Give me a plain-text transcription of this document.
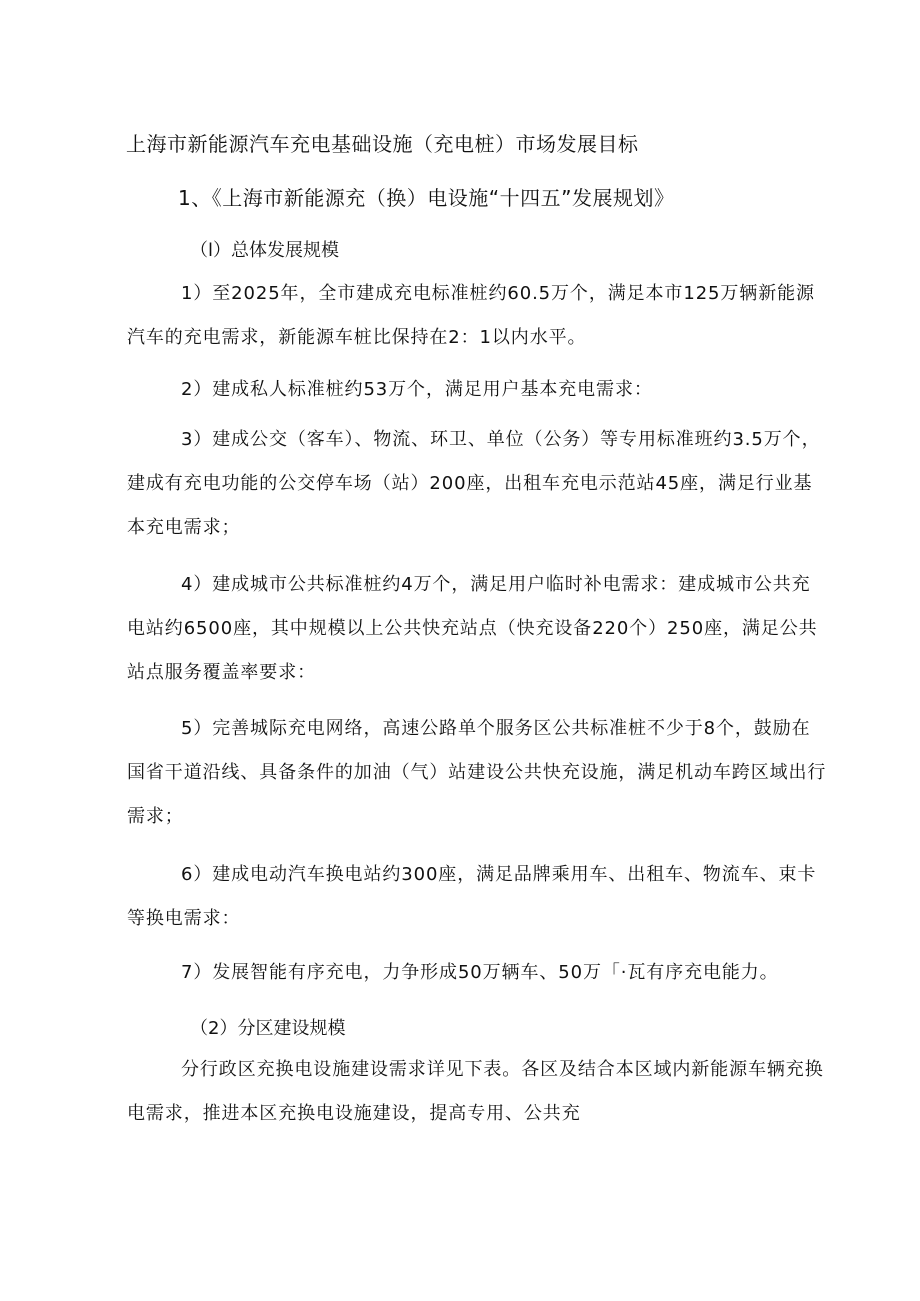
上海市新能源汽车充电基础设施（充电桩）市场发展目标
1、《上海市新能源充（换）电设施“十四五”发展规划》
（l）总体发展规模
1）至2025年，全市建成充电标准桩约60.5万个，满足本市125万辆新能源汽车的充电需求，新能源车桩比保持在2：1以内水平。
2）建成私人标准桩约53万个，满足用户基本充电需求：
3）建成公交（客车）、物流、环卫、单位（公务）等专用标准班约3.5万个，建成有充电功能的公交停车场（站）200座，出租车充电示范站45座，满足行业基本充电需求；
4）建成城市公共标准桩约4万个，满足用户临时补电需求：建成城市公共充电站约6500座，其中规模以上公共快充站点（快充设备220个）250座，满足公共站点服务覆盖率要求：
5）完善城际充电网络，高速公路单个服务区公共标准桩不少于8个，鼓励在国省干道沿线、具备条件的加油（气）站建设公共快充设施，满足机动车跨区域出行需求；
6）建成电动汽车换电站约300座，满足品牌乘用车、出租车、物流车、束卡等换电需求：
7）发展智能有序充电，力争形成50万辆车、50万「·瓦有序充电能力。
（2）分区建设规模
分行政区充换电设施建设需求详见下表。各区及结合本区域内新能源车辆充换电需求，推进本区充换电设施建设，提高专用、公共充
